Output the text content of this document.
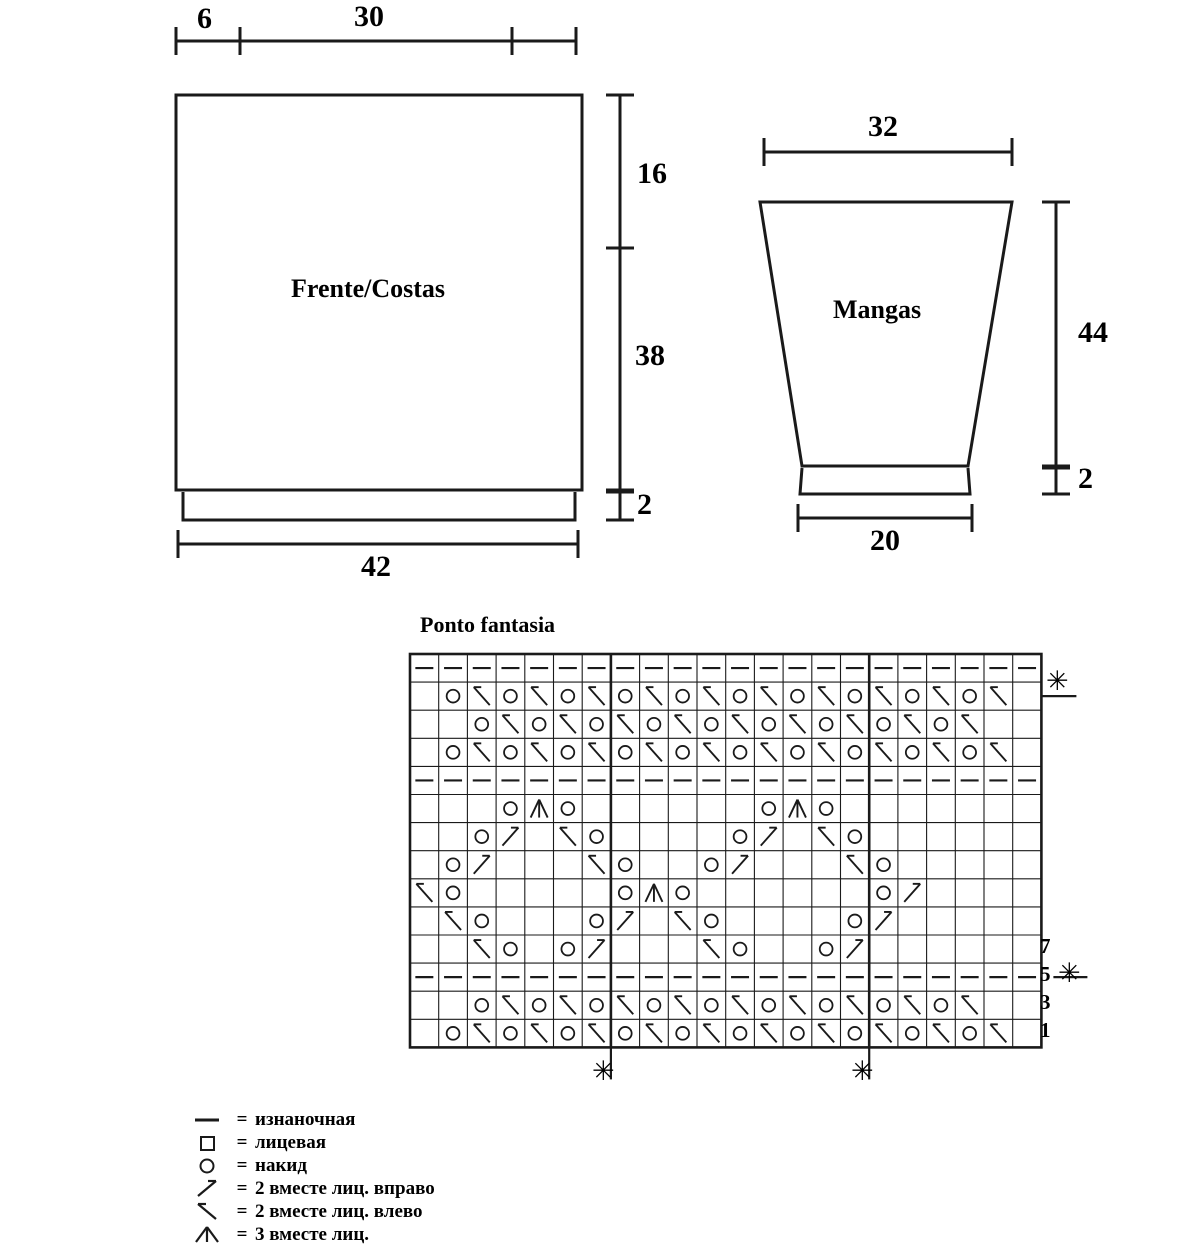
6	30
Frente/Costas
16
38
2
42
32
Mangas
44
2
20
Ponto fantasia
7
5
3
1
✳
✳
✳	✳
= изнаночная
= лицевая
= накид
= 2 вместе лиц. вправо
= 2 вместе лиц. влево
= 3 вместе лиц.
